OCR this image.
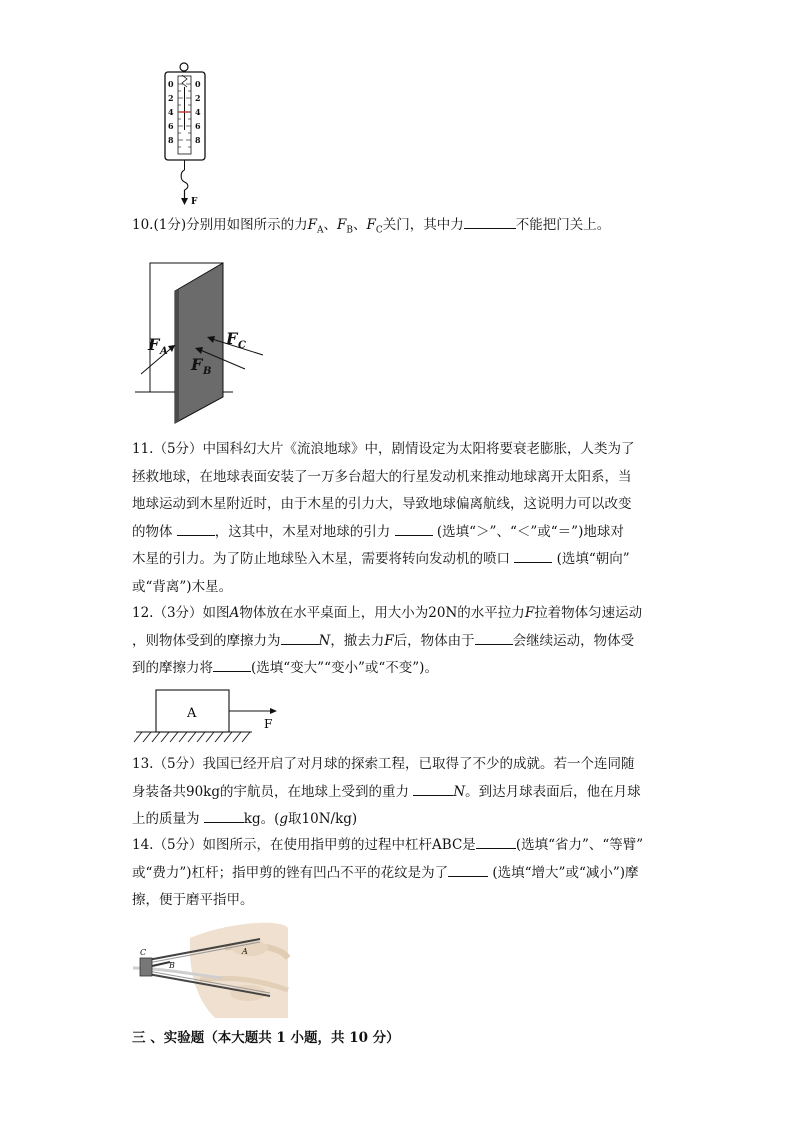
0
2
4
6
8
0
2
4
6
8
F
10.(1分)分别用如图所示的力$F_A$、$F_B$、$F_C$关门，其中力	不能把门关上。
F A
F C
F B
11.（5分）中国科幻大片《流浪地球》中，剧情设定为太阳将要衰老膨胀，人类为了
拯救地球，在地球表面安装了一万多台超大的行星发动机来推动地球离开太阳系，当
地球运动到木星附近时，由于木星的引力大，导致地球偏离航线，这说明力可以改变
的物体	，这其中，木星对地球的引力	(选填“＞”、“＜”或“＝”)地球对
木星的引力。为了防止地球坠入木星，需要将转向发动机的喷口	(选填“朝向”
或“背离”)木星。
12.（3分）如图A物体放在水平桌面上，用大小为20N的水平拉力F拉着物体匀速运动
，则物体受到的摩擦力为	N，撤去力F后，物体由于	会继续运动，物体受
到的摩擦力将	(选填“变大”“变小”或“不变”)。
A
F
13.（5分）我国已经开启了对月球的探索工程，已取得了不少的成就。若一个连同随
身装备共90kg的宇航员，在地球上受到的重力	N。到达月球表面后，他在月球
上的质量为	kg。(g取10N/kg)
14.（5分）如图所示，在使用指甲剪的过程中杠杆ABC是	(选填“省力”、“等臂”
或“费力”)杠杆；指甲剪的锉有凹凸不平的花纹是为了	(选填“增大”或“减小”)摩
擦，便于磨平指甲。
A
B
C
三 、实验题（本大题共 1 小题，共 10 分）
